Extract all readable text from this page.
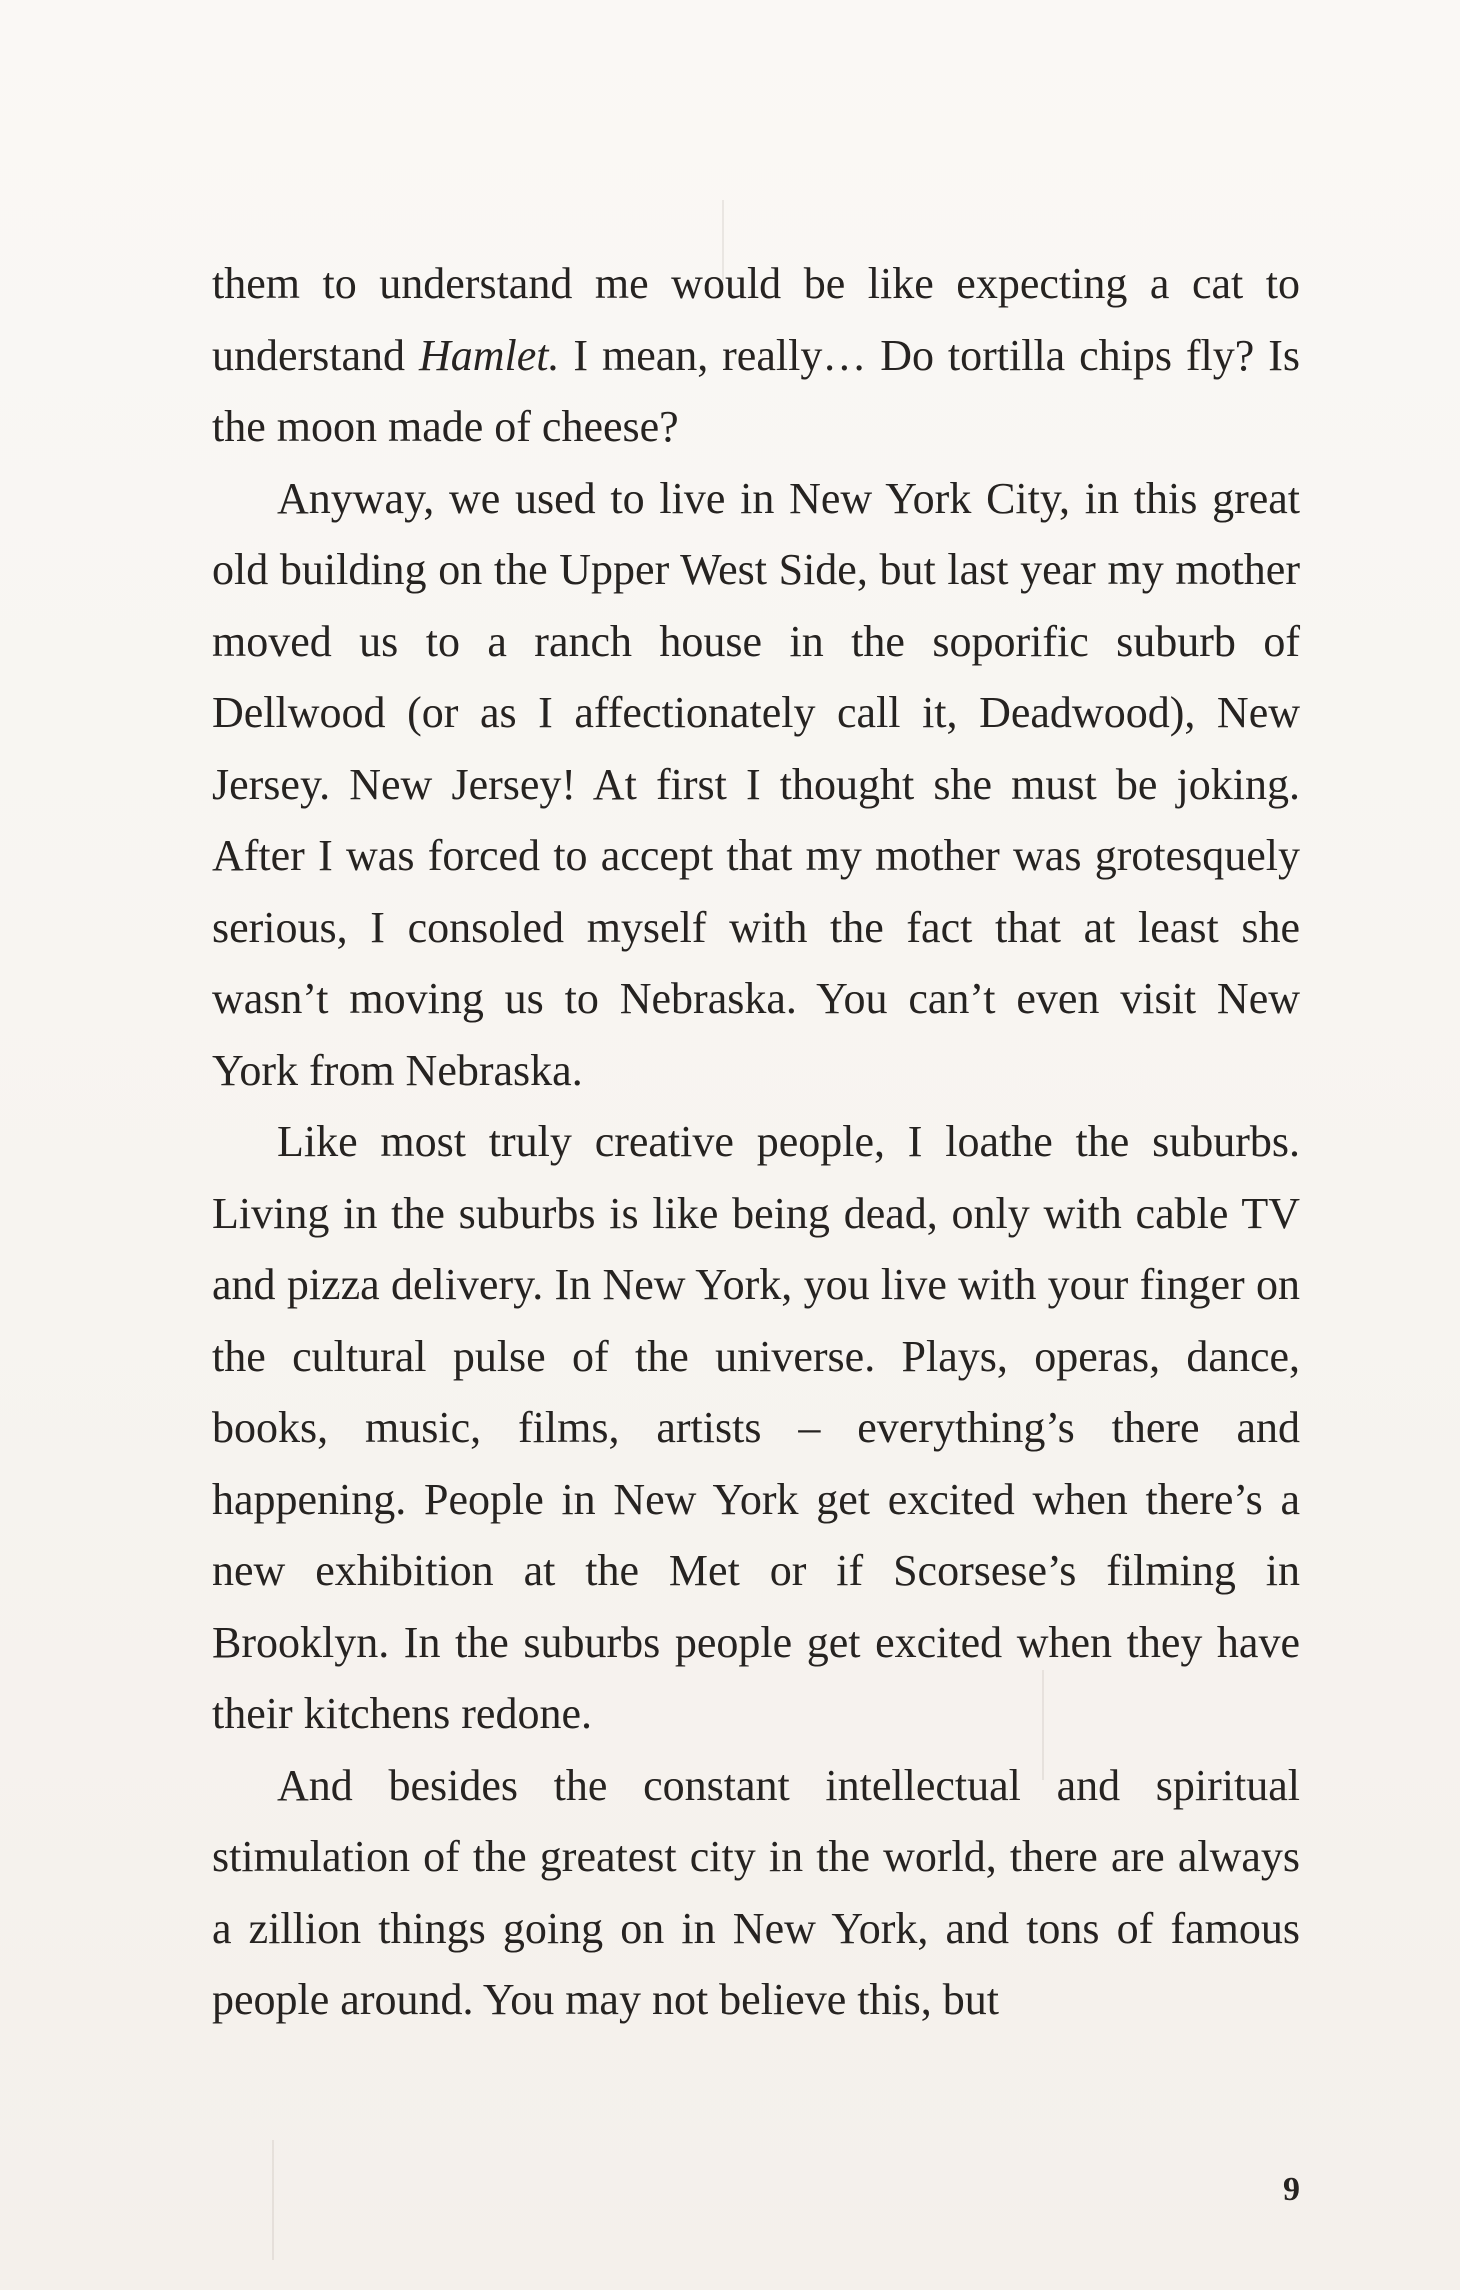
them to understand me would be like expecting a cat to understand Hamlet. I mean, really… Do tortilla chips fly? Is the moon made of cheese?

Anyway, we used to live in New York City, in this great old building on the Upper West Side, but last year my mother moved us to a ranch house in the soporific suburb of Dellwood (or as I affectionately call it, Deadwood), New Jersey. New Jersey! At first I thought she must be joking. After I was forced to accept that my mother was grotesquely serious, I consoled myself with the fact that at least she wasn’t moving us to Nebraska. You can’t even visit New York from Nebraska.

Like most truly creative people, I loathe the suburbs. Living in the suburbs is like being dead, only with cable TV and pizza delivery. In New York, you live with your finger on the cultural pulse of the universe. Plays, operas, dance, books, music, films, artists – everything’s there and happening. People in New York get excited when there’s a new exhibition at the Met or if Scorsese’s filming in Brooklyn. In the suburbs people get excited when they have their kitchens redone.

And besides the constant intellectual and spiritual stimulation of the greatest city in the world, there are always a zillion things going on in New York, and tons of famous people around. You may not believe this, but

9
